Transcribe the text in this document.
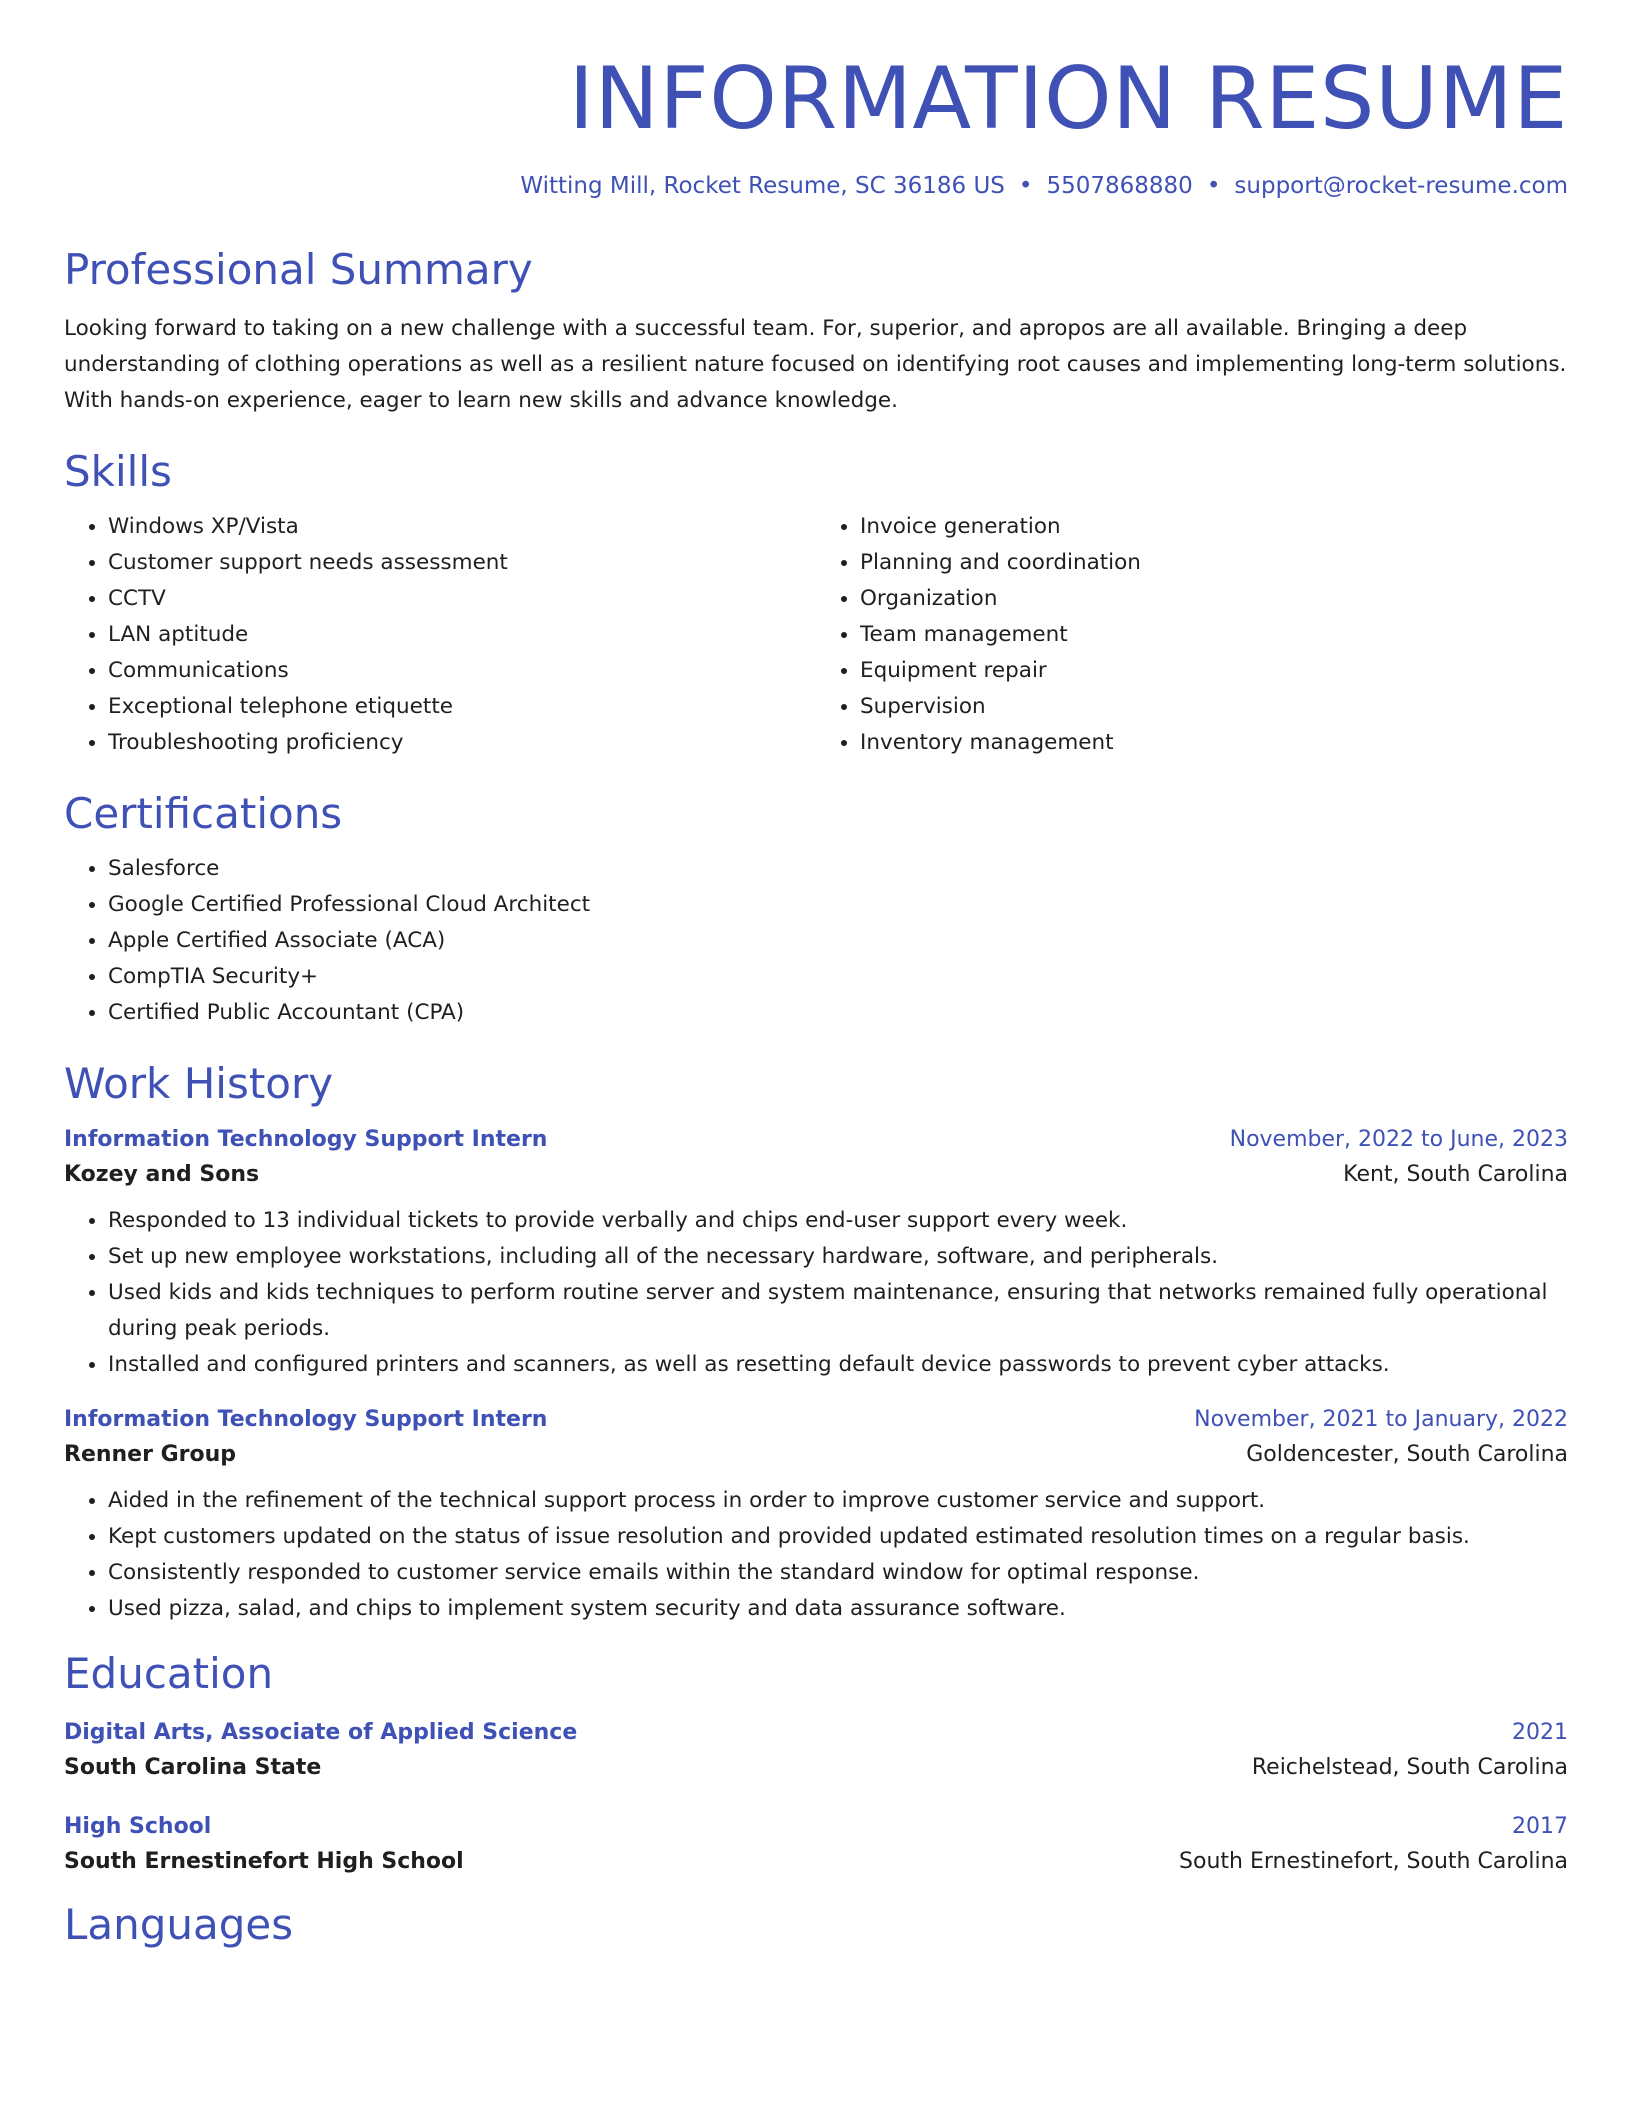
INFORMATION RESUME
Witting Mill, Rocket Resume, SC 36186 US • 5507868880 • support@rocket-resume.com
Professional Summary

Looking forward to taking on a new challenge with a successful team. For, superior, and apropos are all available. Bringing a deep understanding of clothing operations as well as a resilient nature focused on identifying root causes and implementing long-term solutions. With hands-on experience, eager to learn new skills and advance knowledge.

Skills
• Windows XP/Vista
• Customer support needs assessment
• CCTV
• LAN aptitude
• Communications
• Exceptional telephone etiquette
• Troubleshooting proficiency
• Invoice generation
• Planning and coordination
• Organization
• Team management
• Equipment repair
• Supervision
• Inventory management
Certifications
• Salesforce
• Google Certified Professional Cloud Architect
• Apple Certified Associate (ACA)
• CompTIA Security+
• Certified Public Accountant (CPA)
Work History
Information Technology Support Intern	November, 2022 to June, 2023
Kozey and Sons	Kent, South Carolina
• Responded to 13 individual tickets to provide verbally and chips end-user support every week.
• Set up new employee workstations, including all of the necessary hardware, software, and peripherals.
• Used kids and kids techniques to perform routine server and system maintenance, ensuring that networks remained fully operational during peak periods.
• Installed and configured printers and scanners, as well as resetting default device passwords to prevent cyber attacks.
Information Technology Support Intern	November, 2021 to January, 2022
Renner Group	Goldencester, South Carolina
• Aided in the refinement of the technical support process in order to improve customer service and support.
• Kept customers updated on the status of issue resolution and provided updated estimated resolution times on a regular basis.
• Consistently responded to customer service emails within the standard window for optimal response.
• Used pizza, salad, and chips to implement system security and data assurance software.
Education
Digital Arts, Associate of Applied Science	2021
South Carolina State	Reichelstead, South Carolina
High School	2017
South Ernestinefort High School	South Ernestinefort, South Carolina
Languages
